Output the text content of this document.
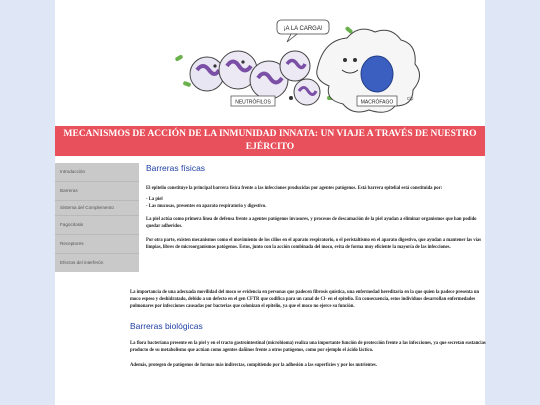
¡A LA CARGA!
NEUTRÓFILOS	MACRÓFAGO
cip
MECANISMOS DE ACCIÓN DE LA INMUNIDAD INNATA: UN VIAJE A TRAVÉS DE NUESTRO EJÉRCITO
Introducción
Barreras
Sistema del Complemento
Fagocitosis
Receptores
Efectos del interferón
Barreras físicas

El epitelio constituye la principal barrera física frente a las infecciones producidas por agentes patógenos. Está barrera epitelial está constituida por:

- La piel

- Las mucosas, presentes en aparato respiratorio y digestivo.

La piel actúa como primera línea de defensa frente a agentes patógenos invasores, y procesos de descamación de la piel ayudan a eliminar organismos que han podido quedar adheridos.

Por otra parte, existen mecanismos como el movimiento de los cilios en el aparato respiratorio, o el peristaltismo en el aparato digestivo, que ayudan a mantener las vías limpias, libres de microorganismos patógenos. Estos, junto con la acción combinada del moco, evita de forma muy eficiente la mayoría de las infecciones.

La importancia de una adecuada movilidad del moco se evidencia en personas que padecen fibrosis quística, una enfermedad hereditaria en la que quien la padece presenta un moco espeso y deshidratado, debido a un defecto en el gen CFTR que codifica para un canal de Cl- en el epitelio. En consecuencia, estos individuos desarrollan enfermedades pulmonares por infecciones causadas por bacterias que colonizan el epitelio, ya que el moco no ejerce su función.

Barreras biológicas

La flora bacteriana presente en la piel y en el tracto gastrointestinal (microbioma) realiza una importante función de protección frente a las infecciones, ya que secretan sustancias producto de su metabolismo que actúan como agentes dañinos frente a otros patógenos, como por ejemplo el ácido láctico.

Además, protegen de patógenos de formas más indirectas, compitiendo por la adhesión a las superficies y por los nutrientes.
